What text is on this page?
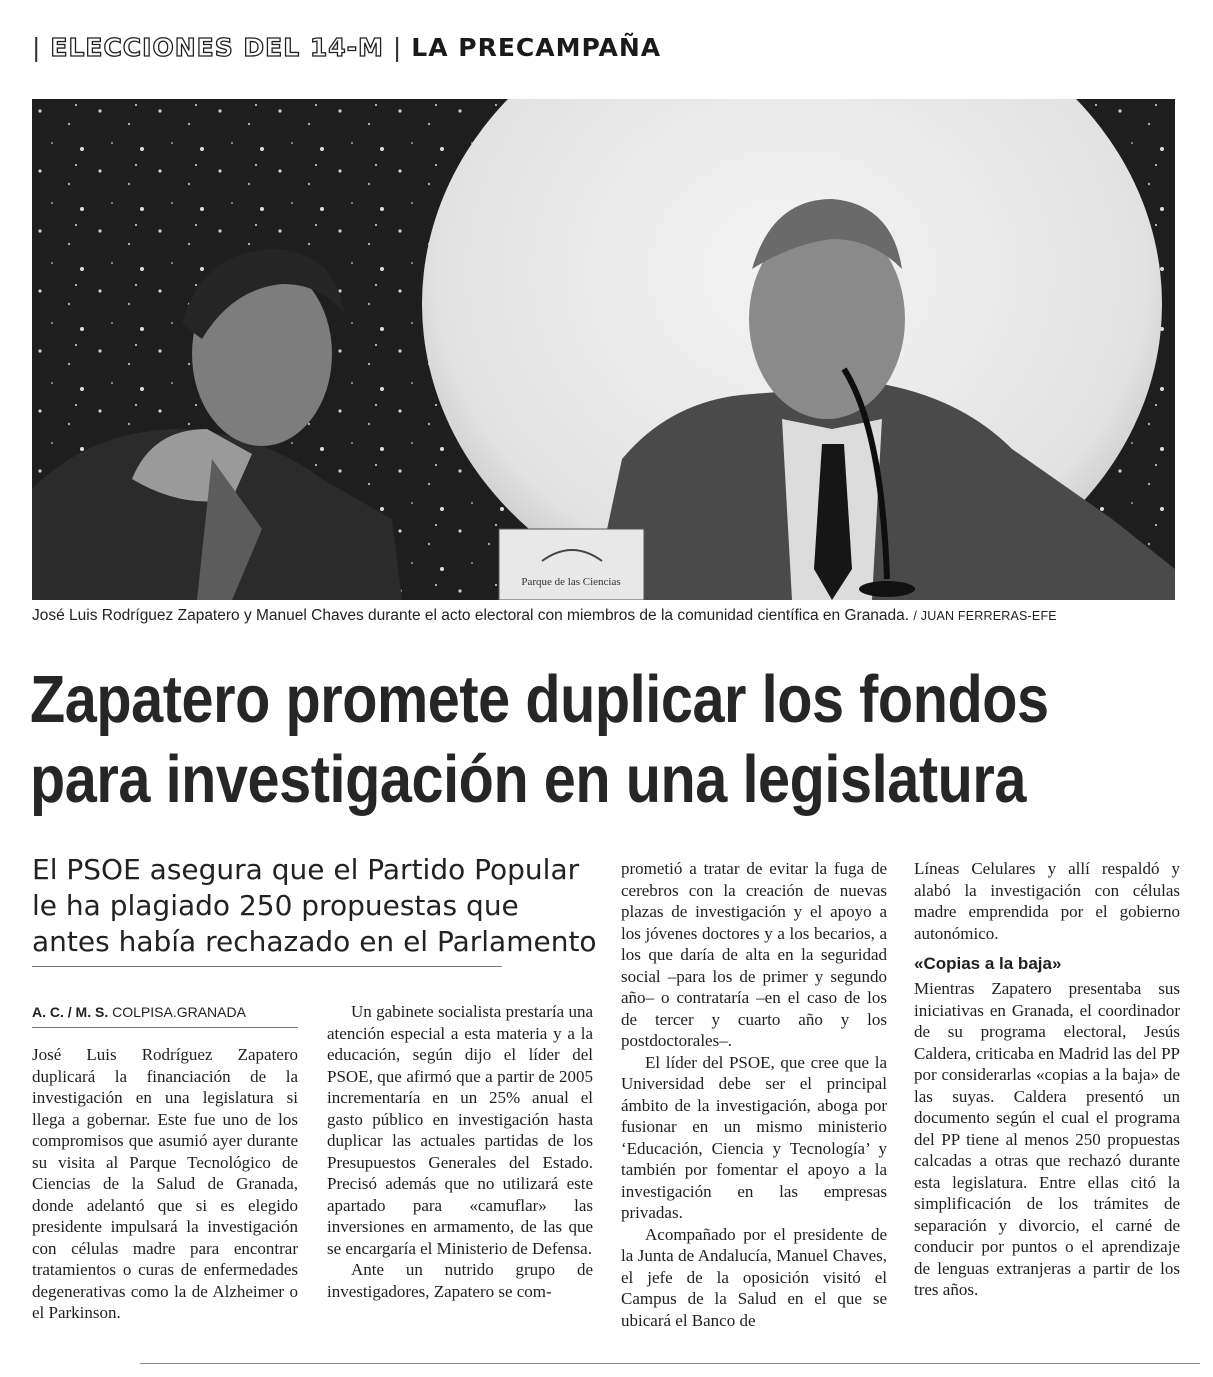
| ELECCIONES DEL 14-M | LA PRECAMPAÑA
Parque de las Ciencias
José Luis Rodríguez Zapatero y Manuel Chaves durante el acto electoral con miembros de la comunidad científica en Granada. / JUAN FERRERAS-EFE
Zapatero promete duplicar los fondos
para investigación en una legislatura
El PSOE asegura que el Partido Popular
le ha plagiado 250 propuestas que
antes había rechazado en el Parlamento
A. C. / M. S. COLPISA.GRANADA

José Luis Rodríguez Zapatero duplicará la financiación de la investigación en una legislatura si llega a gobernar. Este fue uno de los compromisos que asumió ayer durante su visita al Parque Tecnológico de Ciencias de la Salud de Granada, donde adelantó que si es elegido presidente impulsará la investigación con células madre para encontrar tratamientos o curas de enfermedades degenerativas como la de Alzheimer o el Parkinson.

Un gabinete socialista prestaría una atención especial a esta materia y a la educación, según dijo el líder del PSOE, que afirmó que a partir de 2005 incrementaría en un 25% anual el gasto público en investigación hasta duplicar las actuales partidas de los Presupuestos Generales del Estado. Precisó además que no utilizará este apartado para «camuflar» las inversiones en armamento, de las que se encargaría el Ministerio de Defensa.

Ante un nutrido grupo de investigadores, Zapatero se com-

prometió a tratar de evitar la fuga de cerebros con la creación de nuevas plazas de investigación y el apoyo a los jóvenes doctores y a los becarios, a los que daría de alta en la seguridad social –para los de primer y segundo año– o contrataría –en el caso de los de tercer y cuarto año y los postdoctorales–.

El líder del PSOE, que cree que la Universidad debe ser el principal ámbito de la investigación, aboga por fusionar en un mismo ministerio ‘Educación, Ciencia y Tecnología’ y también por fomentar el apoyo a la investigación en las empresas privadas.

Acompañado por el presidente de la Junta de Andalucía, Manuel Chaves, el jefe de la oposición visitó el Campus de la Salud en el que se ubicará el Banco de

Líneas Celulares y allí respaldó y alabó la investigación con células madre emprendida por el gobierno autonómico.

«Copias a la baja»

Mientras Zapatero presentaba sus iniciativas en Granada, el coordinador de su programa electoral, Jesús Caldera, criticaba en Madrid las del PP por considerarlas «copias a la baja» de las suyas. Caldera presentó un documento según el cual el programa del PP tiene al menos 250 propuestas calcadas a otras que rechazó durante esta legislatura. Entre ellas citó la simplificación de los trámites de separación y divorcio, el carné de conducir por puntos o el aprendizaje de lenguas extranjeras a partir de los tres años.
